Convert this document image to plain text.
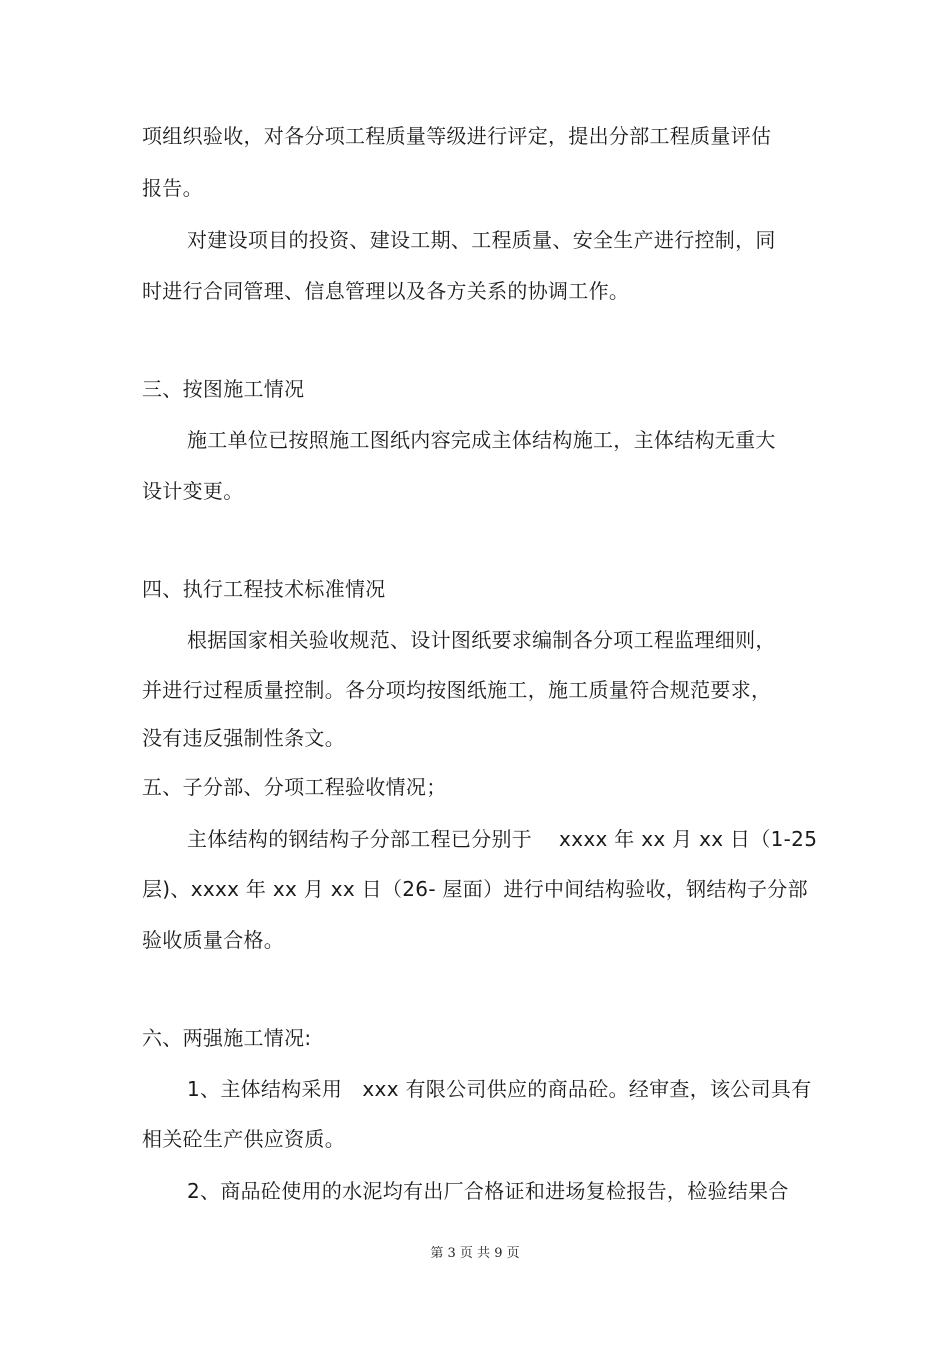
项组织验收，对各分项工程质量等级进行评定，提出分部工程质量评估
报告。
对建设项目的投资、建设工期、工程质量、安全生产进行控制，同
时进行合同管理、信息管理以及各方关系的协调工作。
三、按图施工情况
施工单位已按照施工图纸内容完成主体结构施工，主体结构无重大
设计变更。
四、执行工程技术标准情况
根据国家相关验收规范、设计图纸要求编制各分项工程监理细则，
并进行过程质量控制。各分项均按图纸施工，施工质量符合规范要求，
没有违反强制性条文。
五、子分部、分项工程验收情况；
主体结构的钢结构子分部工程已分别于　 xxxx 年 xx 月 xx 日（1-25
层)、xxxx 年 xx 月 xx 日（26- 屋面）进行中间结构验收，钢结构子分部
验收质量合格。
六、两强施工情况:
1、主体结构采用　xxx 有限公司供应的商品砼。经审查，该公司具有
相关砼生产供应资质。
2、商品砼使用的水泥均有出厂合格证和进场复检报告，检验结果合
第 3 页 共 9 页
